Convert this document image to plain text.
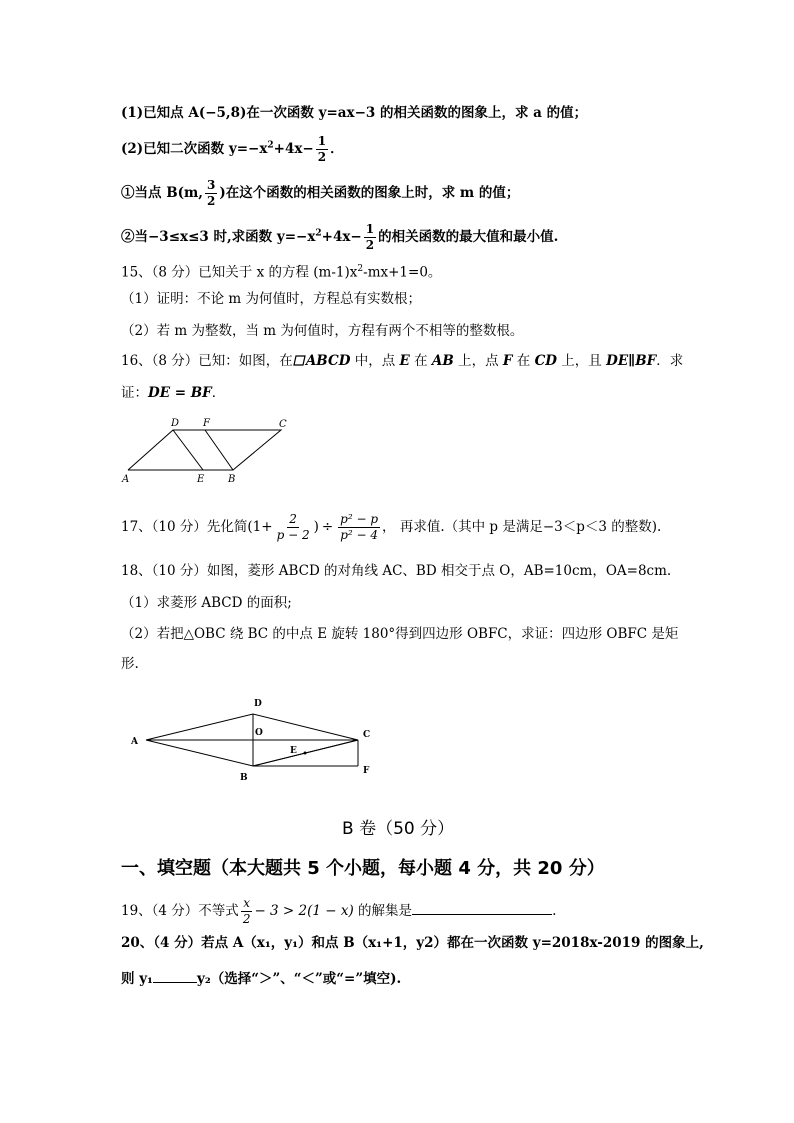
(1)已知点 A(−5,8)在一次函数 y=ax−3 的相关函数的图象上，求 a 的值；
(2)已知二次函数 $y=-x^2+4x- \frac{1}{2}$ ．
①当点 B(m, $\frac{3}{2}$ )在这个函数的相关函数的图象上时，求 m 的值；
②当−3≤x≤3 时,求函数 $y=-x^2+4x- \frac{1}{2}$ 的相关函数的最大值和最小值.
15、（8 分）已知关于 x 的方程 $(m-1)x^2-mx+1=0$。
（1）证明：不论 m 为何值时，方程总有实数根；
（2）若 m 为整数，当 m 为何值时，方程有两个不相等的整数根。
16、（8 分）已知：如图，在 ABCD 中，点 E 在 AB 上，点 F 在 CD 上，且 DE∥BF．求
证：DE = BF．
D F	C
A	E B
17、（10 分）先化简($1+ \frac{2}{p - 2}$ ) ÷ $\frac{\text{p² − p}}{\text{p² − 4}}$ ， 再求值.（其中 p 是满足−3＜p＜3 的整数).
18、（10 分）如图，菱形 ABCD 的对角线 AC、BD 相交于点 O，AB=10cm，OA=8cm.
（1）求菱形 ABCD 的面积;
（2）若把△OBC 绕 BC 的中点 E 旋转 180°得到四边形 OBFC，求证：四边形 OBFC 是矩
形.
A
B
C
D
O
E
F
B 卷（50 分）
一、填空题（本大题共 5 个小题，每小题 4 分，共 20 分）
19、（4 分）不等式 $\frac{x}{2} - 3 > 2(1 - x)$ 的解集是	.
20、（4 分）若点 A（x₁，y₁）和点 B（x₁+1，y2）都在一次函数 y=2018x-2019 的图象上,
则 y₁	y₂（选择“＞”、“＜”或“=”填空).
